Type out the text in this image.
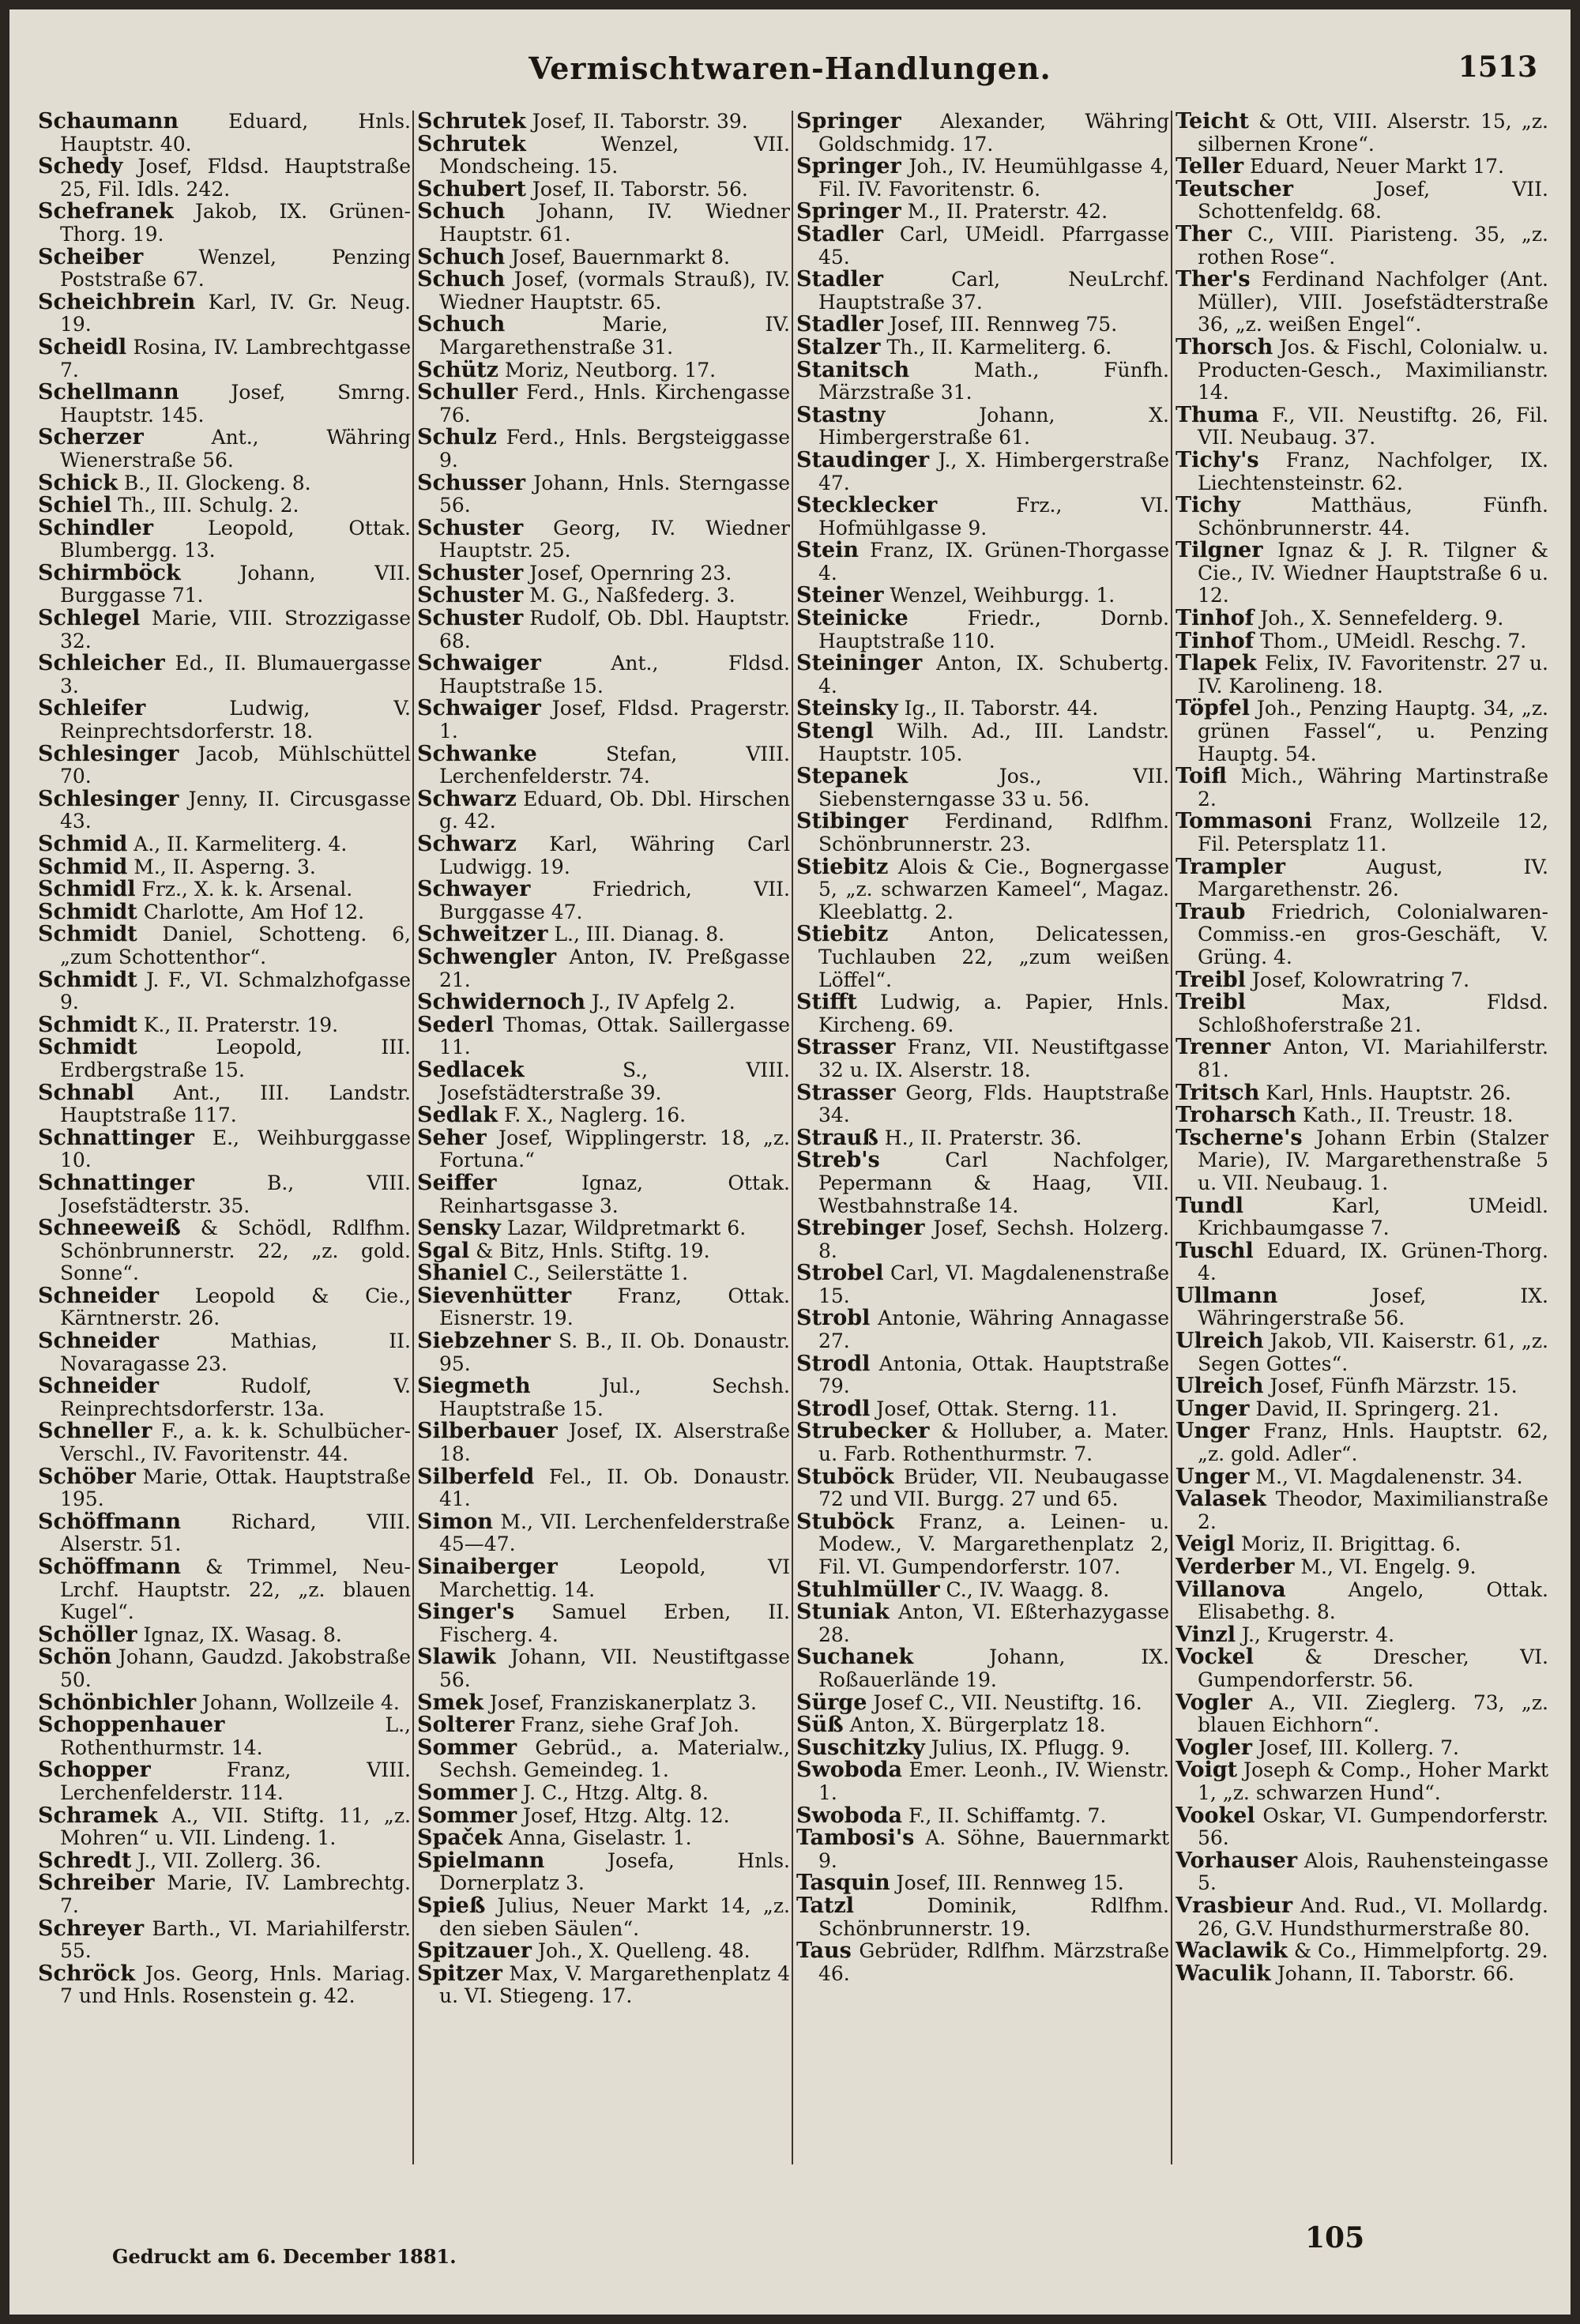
Vermischtwaren-Handlungen.	1513
Schaumann Eduard, Hnls. Hauptstr. 40.
Schedy Josef, Fldsd. Hauptstraße 25, Fil. Idls. 242.
Schefranek Jakob, IX. Grünen-Thorg. 19.
Scheiber Wenzel, Penzing Poststraße 67.
Scheichbrein Karl, IV. Gr. Neug. 19.
Scheidl Rosina, IV. Lambrechtgasse 7.
Schellmann Josef, Smrng. Hauptstr. 145.
Scherzer Ant., Währing Wienerstraße 56.
Schick B., II. Glockeng. 8.
Schiel Th., III. Schulg. 2.
Schindler Leopold, Ottak. Blumbergg. 13.
Schirmböck Johann, VII. Burggasse 71.
Schlegel Marie, VIII. Strozzigasse 32.
Schleicher Ed., II. Blumauergasse 3.
Schleifer Ludwig, V. Reinprechtsdorferstr. 18.
Schlesinger Jacob, Mühlschüttel 70.
Schlesinger Jenny, II. Circusgasse 43.
Schmid A., II. Karmeliterg. 4.
Schmid M., II. Asperng. 3.
Schmidl Frz., X. k. k. Arsenal.
Schmidt Charlotte, Am Hof 12.
Schmidt Daniel, Schotteng. 6, „zum Schottenthor“.
Schmidt J. F., VI. Schmalzhofgasse 9.
Schmidt K., II. Praterstr. 19.
Schmidt Leopold, III. Erdbergstraße 15.
Schnabl Ant., III. Landstr. Hauptstraße 117.
Schnattinger E., Weihburggasse 10.
Schnattinger B., VIII. Josefstädterstr. 35.
Schneeweiß & Schödl, Rdlfhm. Schönbrunnerstr. 22, „z. gold. Sonne“.
Schneider Leopold & Cie., Kärntnerstr. 26.
Schneider Mathias, II. Novaragasse 23.
Schneider Rudolf, V. Reinprechtsdorferstr. 13a.
Schneller F., a. k. k. Schulbücher-Verschl., IV. Favoritenstr. 44.
Schöber Marie, Ottak. Hauptstraße 195.
Schöffmann Richard, VIII. Alserstr. 51.
Schöffmann & Trimmel, Neu-Lrchf. Hauptstr. 22, „z. blauen Kugel“.
Schöller Ignaz, IX. Wasag. 8.
Schön Johann, Gaudzd. Jakobstraße 50.
Schönbichler Johann, Wollzeile 4.
Schoppenhauer L., Rothenthurmstr. 14.
Schopper Franz, VIII. Lerchenfelderstr. 114.
Schramek A., VII. Stiftg. 11, „z. Mohren“ u. VII. Lindeng. 1.
Schredt J., VII. Zollerg. 36.
Schreiber Marie, IV. Lambrechtg. 7.
Schreyer Barth., VI. Mariahilferstr. 55.
Schröck Jos. Georg, Hnls. Mariag. 7 und Hnls. Rosenstein g. 42.
Schrutek Josef, II. Taborstr. 39.
Schrutek Wenzel, VII. Mondscheing. 15.
Schubert Josef, II. Taborstr. 56.
Schuch Johann, IV. Wiedner Hauptstr. 61.
Schuch Josef, Bauernmarkt 8.
Schuch Josef, (vormals Strauß), IV. Wiedner Hauptstr. 65.
Schuch Marie, IV. Margarethenstraße 31.
Schütz Moriz, Neutborg. 17.
Schuller Ferd., Hnls. Kirchengasse 76.
Schulz Ferd., Hnls. Bergsteiggasse 9.
Schusser Johann, Hnls. Sterngasse 56.
Schuster Georg, IV. Wiedner Hauptstr. 25.
Schuster Josef, Opernring 23.
Schuster M. G., Naßfederg. 3.
Schuster Rudolf, Ob. Dbl. Hauptstr. 68.
Schwaiger Ant., Fldsd. Hauptstraße 15.
Schwaiger Josef, Fldsd. Pragerstr. 1.
Schwanke Stefan, VIII. Lerchenfelderstr. 74.
Schwarz Eduard, Ob. Dbl. Hirschen g. 42.
Schwarz Karl, Währing Carl Ludwigg. 19.
Schwayer Friedrich, VII. Burggasse 47.
Schweitzer L., III. Dianag. 8.
Schwengler Anton, IV. Preßgasse 21.
Schwidernoch J., IV Apfelg 2.
Sederl Thomas, Ottak. Saillergasse 11.
Sedlacek S., VIII. Josefstädterstraße 39.
Sedlak F. X., Naglerg. 16.
Seher Josef, Wipplingerstr. 18, „z. Fortuna.“
Seiffer Ignaz, Ottak. Reinhartsgasse 3.
Sensky Lazar, Wildpretmarkt 6.
Sgal & Bitz, Hnls. Stiftg. 19.
Shaniel C., Seilerstätte 1.
Sievenhütter Franz, Ottak. Eisnerstr. 19.
Siebzehner S. B., II. Ob. Donaustr. 95.
Siegmeth Jul., Sechsh. Hauptstraße 15.
Silberbauer Josef, IX. Alserstraße 18.
Silberfeld Fel., II. Ob. Donaustr. 41.
Simon M., VII. Lerchenfelderstraße 45—47.
Sinaiberger Leopold, VI Marchettig. 14.
Singer's Samuel Erben, II. Fischerg. 4.
Slawik Johann, VII. Neustiftgasse 56.
Smek Josef, Franziskanerplatz 3.
Solterer Franz, siehe Graf Joh.
Sommer Gebrüd., a. Materialw., Sechsh. Gemeindeg. 1.
Sommer J. C., Htzg. Altg. 8.
Sommer Josef, Htzg. Altg. 12.
Spaček Anna, Giselastr. 1.
Spielmann Josefa, Hnls. Dornerplatz 3.
Spieß Julius, Neuer Markt 14, „z. den sieben Säulen“.
Spitzauer Joh., X. Quelleng. 48.
Spitzer Max, V. Margarethenplatz 4 u. VI. Stiegeng. 17.
Springer Alexander, Währing Goldschmidg. 17.
Springer Joh., IV. Heumühlgasse 4, Fil. IV. Favoritenstr. 6.
Springer M., II. Praterstr. 42.
Stadler Carl, UMeidl. Pfarrgasse 45.
Stadler Carl, NeuLrchf. Hauptstraße 37.
Stadler Josef, III. Rennweg 75.
Stalzer Th., II. Karmeliterg. 6.
Stanitsch Math., Fünfh. Märzstraße 31.
Stastny Johann, X. Himbergerstraße 61.
Staudinger J., X. Himbergerstraße 47.
Stecklecker Frz., VI. Hofmühlgasse 9.
Stein Franz, IX. Grünen-Thorgasse 4.
Steiner Wenzel, Weihburgg. 1.
Steinicke Friedr., Dornb. Hauptstraße 110.
Steininger Anton, IX. Schubertg. 4.
Steinsky Ig., II. Taborstr. 44.
Stengl Wilh. Ad., III. Landstr. Hauptstr. 105.
Stepanek Jos., VII. Siebensterngasse 33 u. 56.
Stibinger Ferdinand, Rdlfhm. Schönbrunnerstr. 23.
Stiebitz Alois & Cie., Bognergasse 5, „z. schwarzen Kameel“, Magaz. Kleeblattg. 2.
Stiebitz Anton, Delicatessen, Tuchlauben 22, „zum weißen Löffel“.
Stifft Ludwig, a. Papier, Hnls. Kircheng. 69.
Strasser Franz, VII. Neustiftgasse 32 u. IX. Alserstr. 18.
Strasser Georg, Flds. Hauptstraße 34.
Strauß H., II. Praterstr. 36.
Streb's Carl Nachfolger, Pepermann & Haag, VII. Westbahnstraße 14.
Strebinger Josef, Sechsh. Holzerg. 8.
Strobel Carl, VI. Magdalenenstraße 15.
Strobl Antonie, Währing Annagasse 27.
Strodl Antonia, Ottak. Hauptstraße 79.
Strodl Josef, Ottak. Sterng. 11.
Strubecker & Holluber, a. Mater. u. Farb. Rothenthurmstr. 7.
Stuböck Brüder, VII. Neubaugasse 72 und VII. Burgg. 27 und 65.
Stuböck Franz, a. Leinen- u. Modew., V. Margarethenplatz 2, Fil. VI. Gumpendorferstr. 107.
Stuhlmüller C., IV. Waagg. 8.
Stuniak Anton, VI. Eßterhazygasse 28.
Suchanek Johann, IX. Roßauerlände 19.
Sürge Josef C., VII. Neustiftg. 16.
Süß Anton, X. Bürgerplatz 18.
Suschitzky Julius, IX. Pflugg. 9.
Swoboda Emer. Leonh., IV. Wienstr. 1.
Swoboda F., II. Schiffamtg. 7.
Tambosi's A. Söhne, Bauernmarkt 9.
Tasquin Josef, III. Rennweg 15.
Tatzl Dominik, Rdlfhm. Schönbrunnerstr. 19.
Taus Gebrüder, Rdlfhm. Märzstraße 46.
Teicht & Ott, VIII. Alserstr. 15, „z. silbernen Krone“.
Teller Eduard, Neuer Markt 17.
Teutscher Josef, VII. Schottenfeldg. 68.
Ther C., VIII. Piaristeng. 35, „z. rothen Rose“.
Ther's Ferdinand Nachfolger (Ant. Müller), VIII. Josefstädterstraße 36, „z. weißen Engel“.
Thorsch Jos. & Fischl, Colonialw. u. Producten-Gesch., Maximilianstr. 14.
Thuma F., VII. Neustiftg. 26, Fil. VII. Neubaug. 37.
Tichy's Franz, Nachfolger, IX. Liechtensteinstr. 62.
Tichy Matthäus, Fünfh. Schönbrunnerstr. 44.
Tilgner Ignaz & J. R. Tilgner & Cie., IV. Wiedner Hauptstraße 6 u. 12.
Tinhof Joh., X. Sennefelderg. 9.
Tinhof Thom., UMeidl. Reschg. 7.
Tlapek Felix, IV. Favoritenstr. 27 u. IV. Karolineng. 18.
Töpfel Joh., Penzing Hauptg. 34, „z. grünen Fassel“, u. Penzing Hauptg. 54.
Toifl Mich., Währing Martinstraße 2.
Tommasoni Franz, Wollzeile 12, Fil. Petersplatz 11.
Trampler August, IV. Margarethenstr. 26.
Traub Friedrich, Colonialwaren-Commiss.-en gros-Geschäft, V. Grüng. 4.
Treibl Josef, Kolowratring 7.
Treibl Max, Fldsd. Schloßhoferstraße 21.
Trenner Anton, VI. Mariahilferstr. 81.
Tritsch Karl, Hnls. Hauptstr. 26.
Troharsch Kath., II. Treustr. 18.
Tscherne's Johann Erbin (Stalzer Marie), IV. Margarethenstraße 5 u. VII. Neubaug. 1.
Tundl Karl, UMeidl. Krichbaumgasse 7.
Tuschl Eduard, IX. Grünen-Thorg. 4.
Ullmann Josef, IX. Währingerstraße 56.
Ulreich Jakob, VII. Kaiserstr. 61, „z. Segen Gottes“.
Ulreich Josef, Fünfh Märzstr. 15.
Unger David, II. Springerg. 21.
Unger Franz, Hnls. Hauptstr. 62, „z. gold. Adler“.
Unger M., VI. Magdalenenstr. 34.
Valasek Theodor, Maximilianstraße 2.
Veigl Moriz, II. Brigittag. 6.
Verderber M., VI. Engelg. 9.
Villanova Angelo, Ottak. Elisabethg. 8.
Vinzl J., Krugerstr. 4.
Vockel & Drescher, VI. Gumpendorferstr. 56.
Vogler A., VII. Zieglerg. 73, „z. blauen Eichhorn“.
Vogler Josef, III. Kollerg. 7.
Voigt Joseph & Comp., Hoher Markt 1, „z. schwarzen Hund“.
Vookel Oskar, VI. Gumpendorferstr. 56.
Vorhauser Alois, Rauhensteingasse 5.
Vrasbieur And. Rud., VI. Mollardg. 26, G.V. Hundsthurmerstraße 80.
Waclawik & Co., Himmelpfortg. 29.
Waculik Johann, II. Taborstr. 66.
Gedruckt am 6. December 1881.
105
